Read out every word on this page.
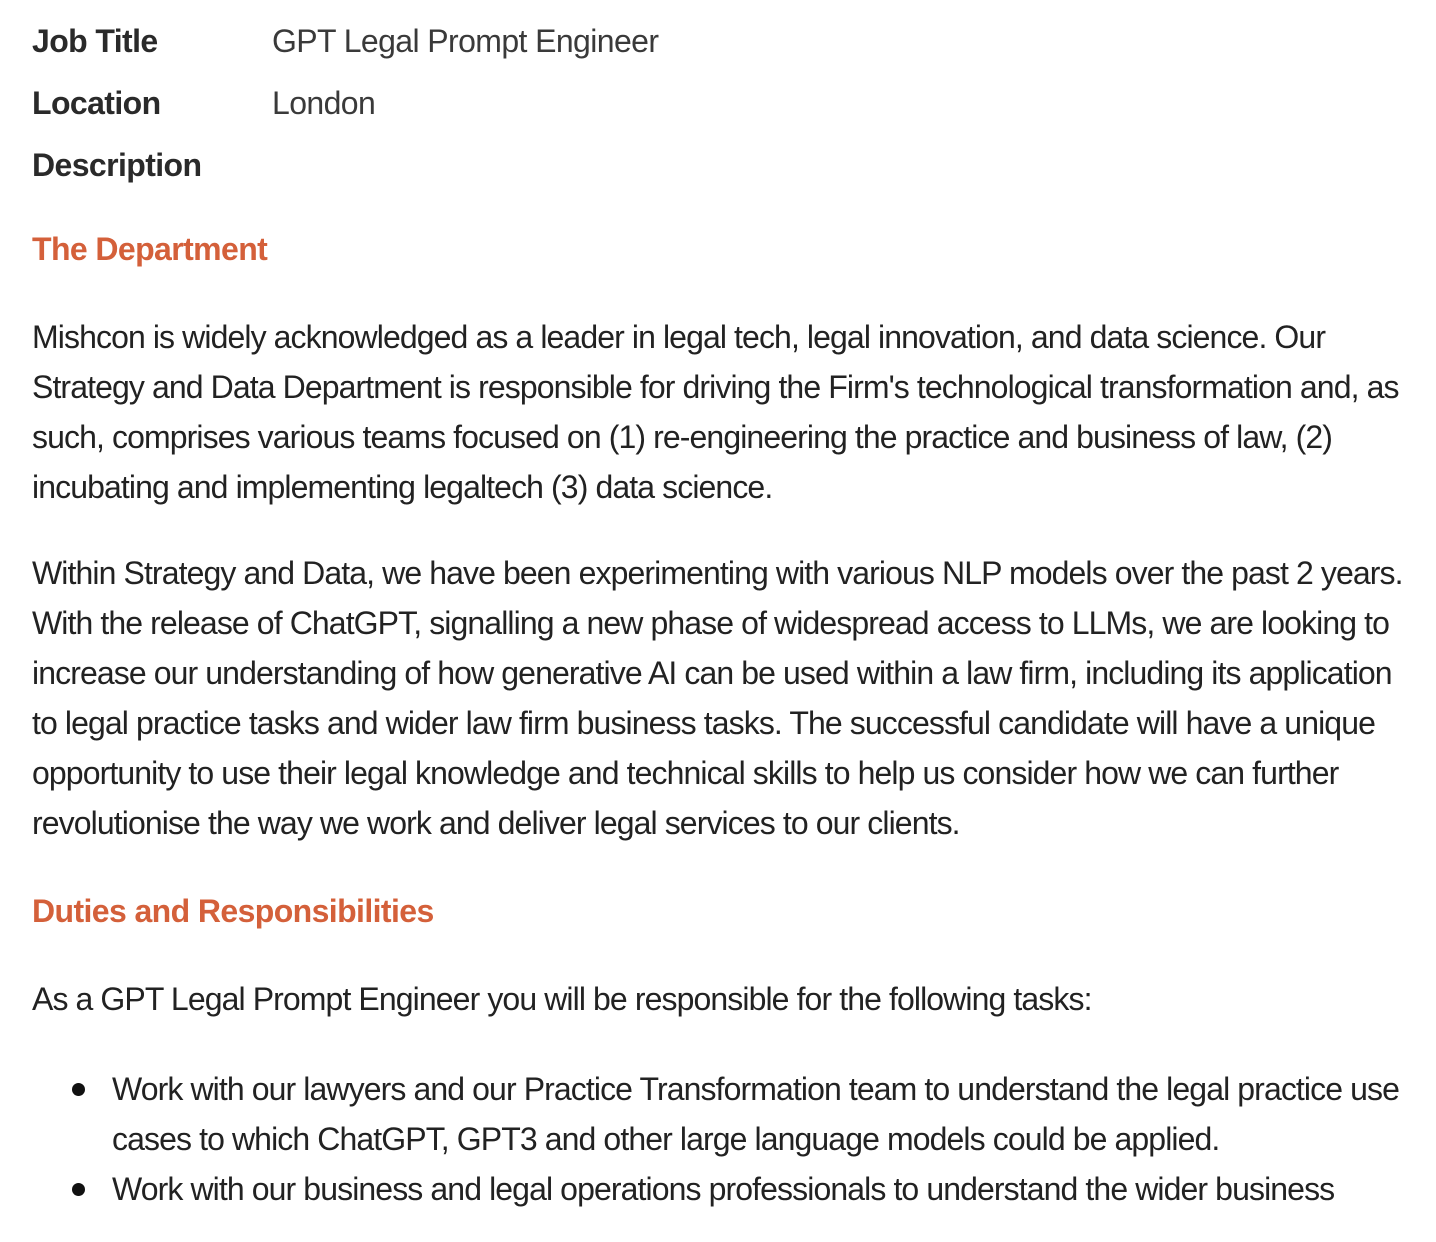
Job Title	GPT Legal Prompt Engineer
Location	London
Description
The Department

Mishcon is widely acknowledged as a leader in legal tech, legal innovation, and data science. Our Strategy and Data Department is responsible for driving the Firm's technological transformation and, as such, comprises various teams focused on (1) re-engineering the practice and business of law, (2) incubating and implementing legaltech (3) data science.

Within Strategy and Data, we have been experimenting with various NLP models over the past 2 years. With the release of ChatGPT, signalling a new phase of widespread access to LLMs, we are looking to increase our understanding of how generative AI can be used within a law firm, including its application to legal practice tasks and wider law firm business tasks. The successful candidate will have a unique opportunity to use their legal knowledge and technical skills to help us consider how we can further revolutionise the way we work and deliver legal services to our clients.

Duties and Responsibilities

As a GPT Legal Prompt Engineer you will be responsible for the following tasks:

Work with our lawyers and our Practice Transformation team to understand the legal practice use cases to which ChatGPT, GPT3 and other large language models could be applied.
Work with our business and legal operations professionals to understand the wider business
